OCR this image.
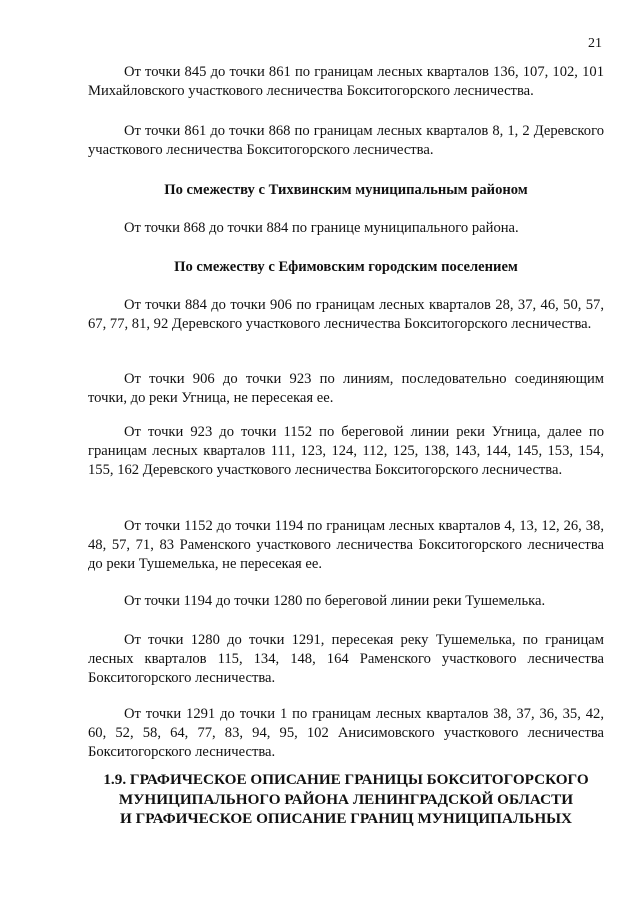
21

От точки 845 до точки 861 по границам лесных кварталов 136, 107, 102, 101 Михайловского участкового лесничества Бокситогорского лесничества.

От точки 861 до точки 868 по границам лесных кварталов 8, 1, 2 Деревского участкового лесничества Бокситогорского лесничества.

По смежеству с Тихвинским муниципальным районом

От точки 868 до точки 884 по границе муниципального района.

По смежеству с Ефимовским городским поселением

От точки 884 до точки 906 по границам лесных кварталов 28, 37, 46, 50, 57, 67, 77, 81, 92 Деревского участкового лесничества Бокситогорского лесничества.

От точки 906 до точки 923 по линиям, последовательно соединяющим точки, до реки Угница, не пересекая ее.

От точки 923 до точки 1152 по береговой линии реки Угница, далее по границам лесных кварталов 111, 123, 124, 112, 125, 138, 143, 144, 145, 153, 154, 155, 162 Деревского участкового лесничества Бокситогорского лесничества.

От точки 1152 до точки 1194 по границам лесных кварталов 4, 13, 12, 26, 38, 48, 57, 71, 83 Раменского участкового лесничества Бокситогорского лесничества до реки Тушемелька, не пересекая ее.

От точки 1194 до точки 1280 по береговой линии реки Тушемелька.

От точки 1280 до точки 1291, пересекая реку Тушемелька, по границам лесных кварталов 115, 134, 148, 164 Раменского участкового лесничества Бокситогорского лесничества.

От точки 1291 до точки 1 по границам лесных кварталов 38, 37, 36, 35, 42, 60, 52, 58, 64, 77, 83, 94, 95, 102 Анисимовского участкового лесничества Бокситогорского лесничества.

1.9. ГРАФИЧЕСКОЕ ОПИСАНИЕ ГРАНИЦЫ БОКСИТОГОРСКОГО
МУНИЦИПАЛЬНОГО РАЙОНА ЛЕНИНГРАДСКОЙ ОБЛАСТИ
И ГРАФИЧЕСКОЕ ОПИСАНИЕ ГРАНИЦ МУНИЦИПАЛЬНЫХ
